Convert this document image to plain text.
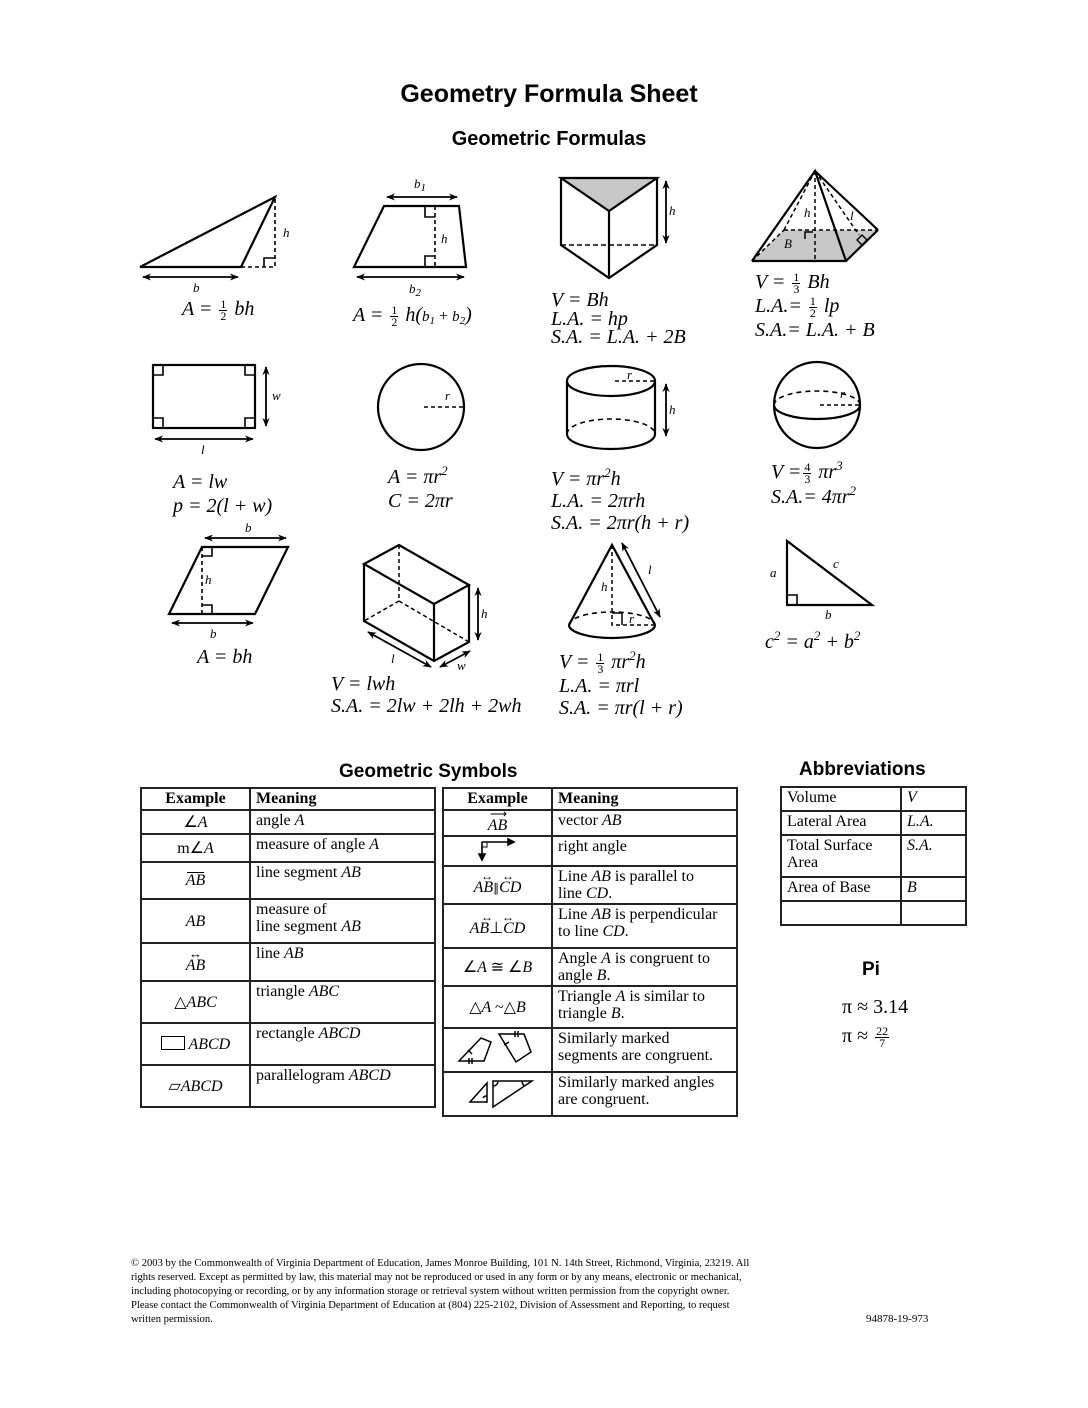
Geometry Formula Sheet
Geometric Formulas
b
h
$b_1$
h
$b_2$
h	h	l
B
w
l
r
r
h
r
b
h
b
h
l	w
h
l
r
a
c
b
$A = \frac{1}{2}$ bh	$A = \frac{1}{2} h(b_1 + b_2)$
V = Bh
L.A. = hp
S.A. = L.A. + 2B
$V = \frac{1}{3}$ Bh
$L.A.= \frac{1}{2}$ lp
S.A.= L.A. + B
A = lw
p = 2(l + w)
$A = \pi r^2$
C = 2πr
$V = \pi r^2h$
L.A. = 2πrh
S.A. = 2πr(h + r)
$V = \frac{4}{3} \pi r^3$
$S.A.= 4\pi r^2$
A = bh
V = lwh
S.A. = 2lw + 2lh + 2wh
$V = \frac{1}{3} \pi r^2h$
L.A. = πrl
S.A. = πr(l + r)
$c^2 = a^2 + b^2$
Geometric Symbols
Example	Meaning
∠A	angle A
m∠A	measure of angle A
AB	line segment AB
AB	measure of
line segment AB

↔
AB	line AB
△ABC	triangle ABC
ABCD	rectangle ABCD
▱ABCD	parallelogram ABCD
Example	Meaning

⟶
AB	vector AB
	right angle

↔   ↔
AB∥CD	Line AB is parallel to
line CD.

↔   ↔
AB⊥CD	Line AB is perpendicular
to line CD.
∠A ≅ ∠B	Angle A is congruent to
angle B.
△A ~△B	Triangle A is similar to
triangle B.
	Similarly marked
segments are congruent.
	Similarly marked angles
are congruent.
Abbreviations
Volume	V
Lateral Area	L.A.
Total Surface Area	S.A.
Area of Base	B

Pi
π ≈ 3.14
$\pi \approx \frac{22}{7}$
© 2003 by the Commonwealth of Virginia Department of Education, James Monroe Building, 101 N. 14th Street, Richmond, Virginia, 23219. All rights reserved. Except as permitted by law, this material may not be reproduced or used in any form or by any means, electronic or mechanical, including photocopying or recording, or by any information storage or retrieval system without written permission from the copyright owner. Please contact the Commonwealth of Virginia Department of Education at (804) 225-2102, Division of Assessment and Reporting, to request written permission.	94878-19-973
